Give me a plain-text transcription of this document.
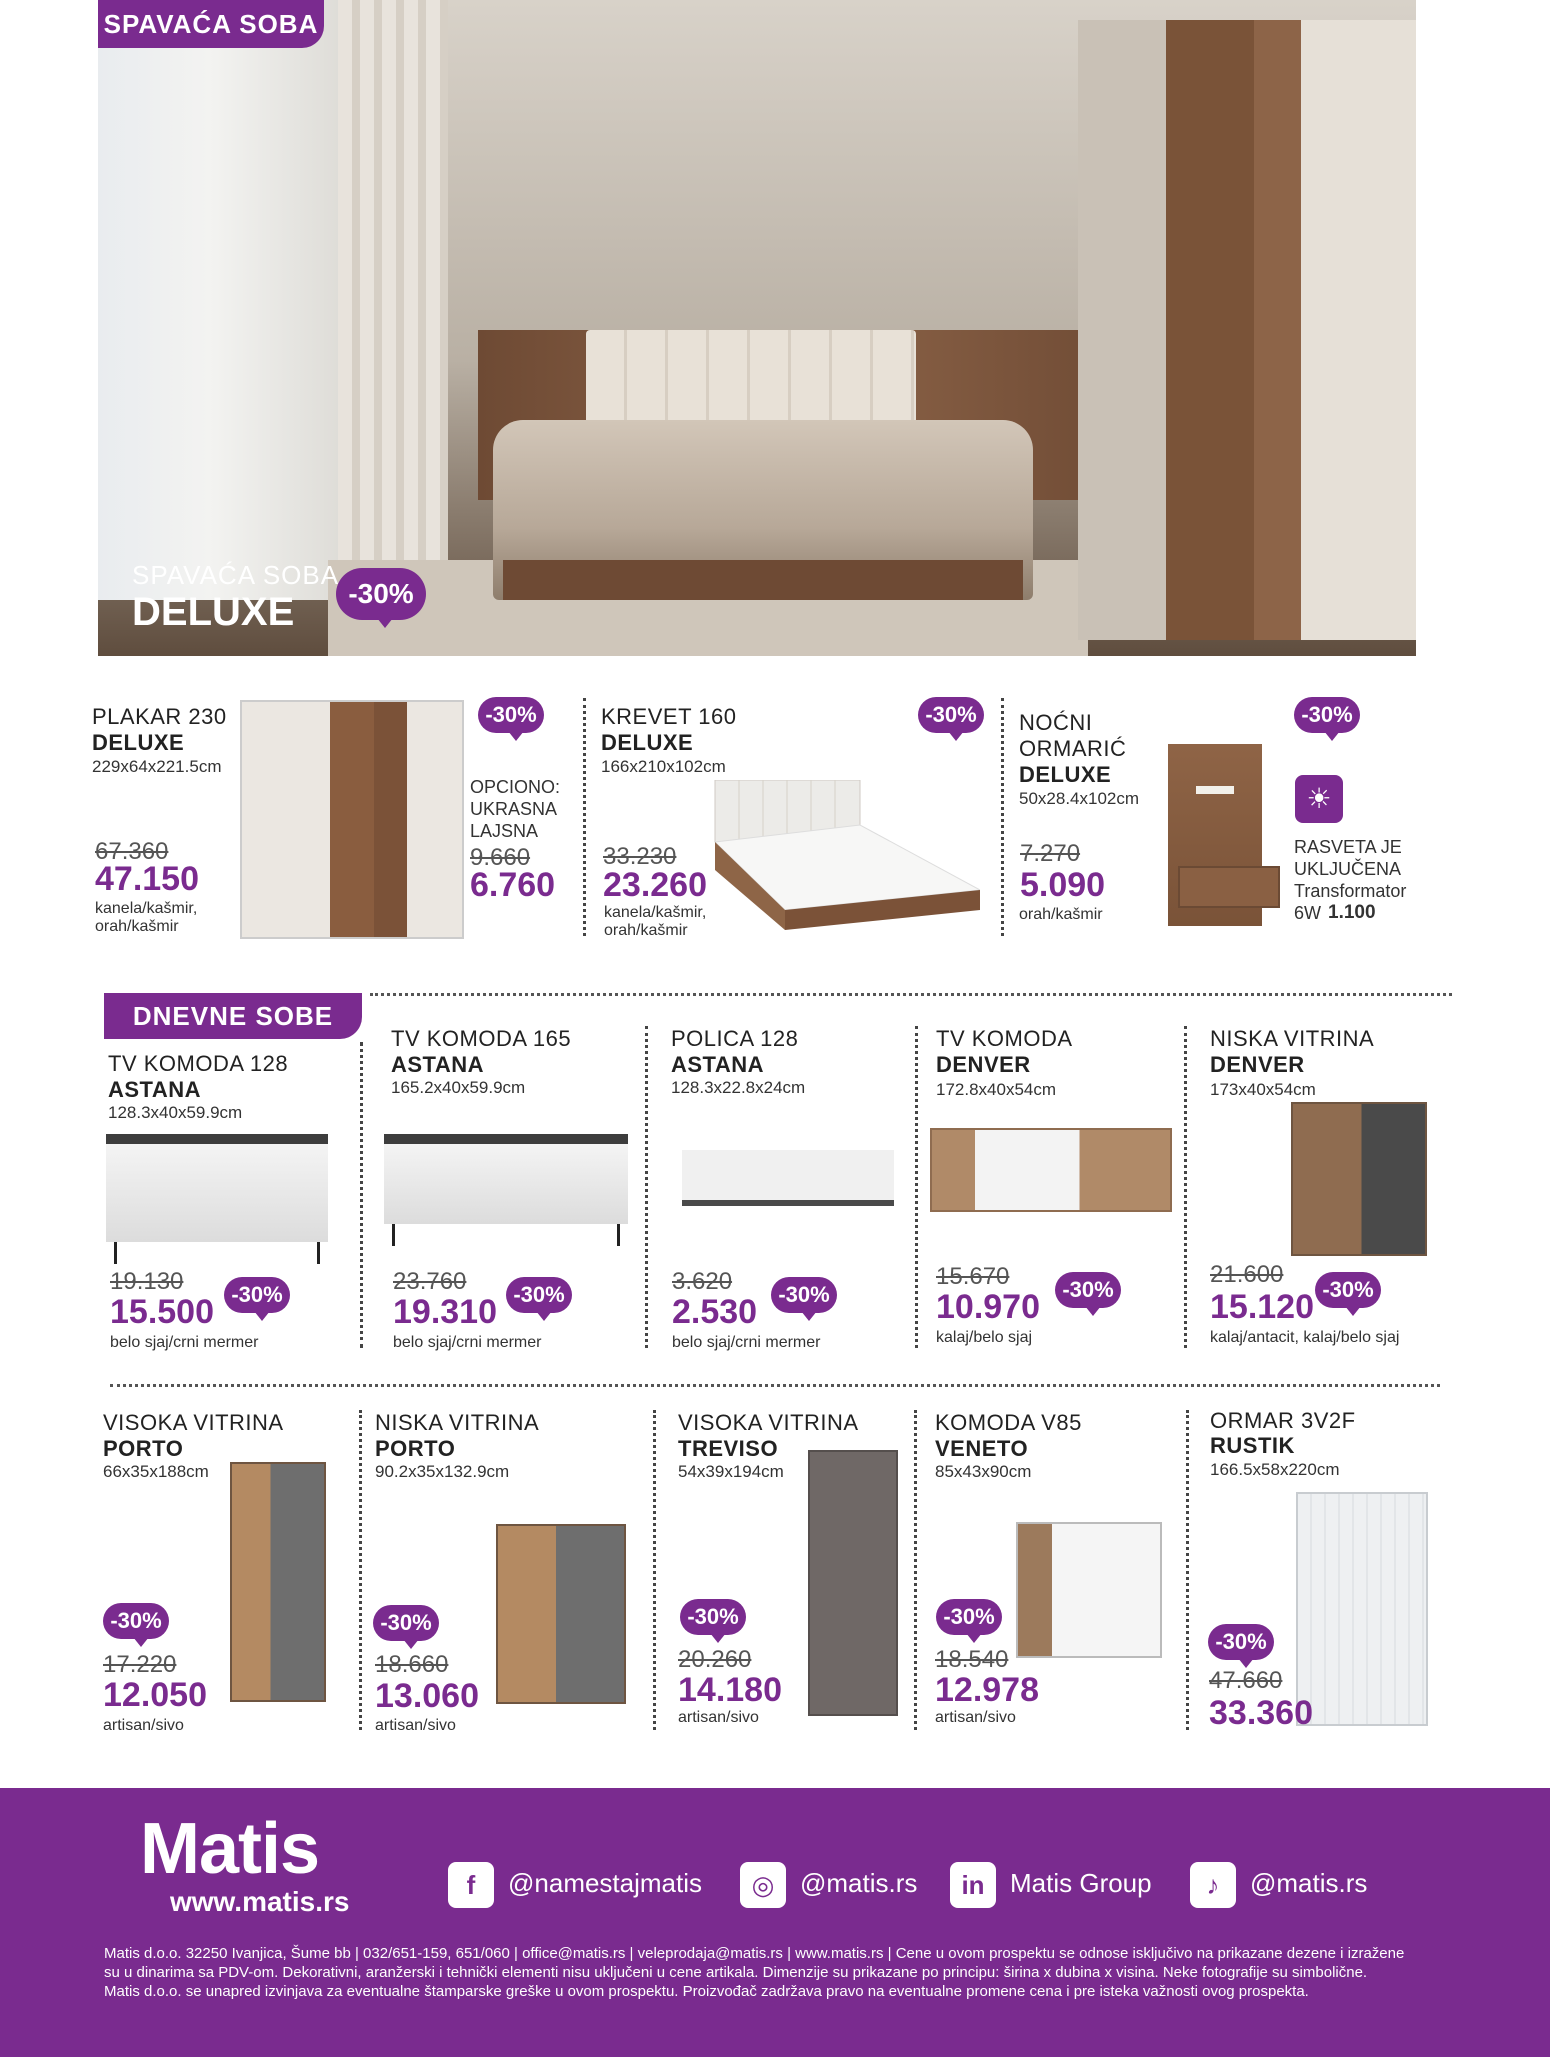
SPAVAĆA SOBA
SPAVAĆA SOBA
DELUXE	-30%
PLAKAR 230
DELUXE
229x64x221.5cm
67.360
47.150
kanela/kašmir,
orah/kašmir
-30%
OPCIONO:
UKRASNA
LAJSNA
9.660
6.760
KREVET 160
DELUXE
166x210x102cm
33.230
23.260
kanela/kašmir,
orah/kašmir
-30%	NOĆNI
ORMARIĆ
DELUXE
50x28.4x102cm
7.270
5.090
orah/kašmir
-30%
☀
RASVETA JE
UKLJUČENA
Transformator
6W 1.100
DNEVNE SOBE
TV KOMODA 128
ASTANA
128.3x40x59.9cm
19.130
15.500 -30%
belo sjaj/crni mermer
TV KOMODA 165
ASTANA
165.2x40x59.9cm
23.760
19.310 -30%
belo sjaj/crni mermer
POLICA 128
ASTANA
128.3x22.8x24cm
3.620
2.530 -30%
belo sjaj/crni mermer
TV KOMODA
DENVER
172.8x40x54cm
15.670
10.970	-30%
kalaj/belo sjaj
NISKA VITRINA
DENVER
173x40x54cm
21.600
15.120 -30%
kalaj/antacit, kalaj/belo sjaj
VISOKA VITRINA
PORTO
66x35x188cm
-30%
17.220
12.050
artisan/sivo
NISKA VITRINA
PORTO
90.2x35x132.9cm
-30%
18.660
13.060
artisan/sivo
VISOKA VITRINA
TREVISO
54x39x194cm
-30%
20.260
14.180
artisan/sivo
KOMODA V85
VENETO
85x43x90cm
-30%
18.540
12.978
artisan/sivo
ORMAR 3V2F
RUSTIK
166.5x58x220cm
-30%
47.660
33.360
Matis
www.matis.rs
f @namestajmatis	◎ @matis.rs	in Matis Group	♪ @matis.rs
Matis d.o.o. 32250 Ivanjica, Šume bb | 032/651-159, 651/060 | office@matis.rs | veleprodaja@matis.rs | www.matis.rs | Cene u ovom prospektu se odnose isključivo na prikazane dezene i izražene
su u dinarima sa PDV-om. Dekorativni, aranžerski i tehnički elementi nisu uključeni u cene artikala. Dimenzije su prikazane po principu: širina x dubina x visina. Neke fotografije su simbolične.
Matis d.o.o. se unapred izvinjava za eventualne štamparske greške u ovom prospektu. Proizvođač zadržava pravo na eventualne promene cena i pre isteka važnosti ovog prospekta.
